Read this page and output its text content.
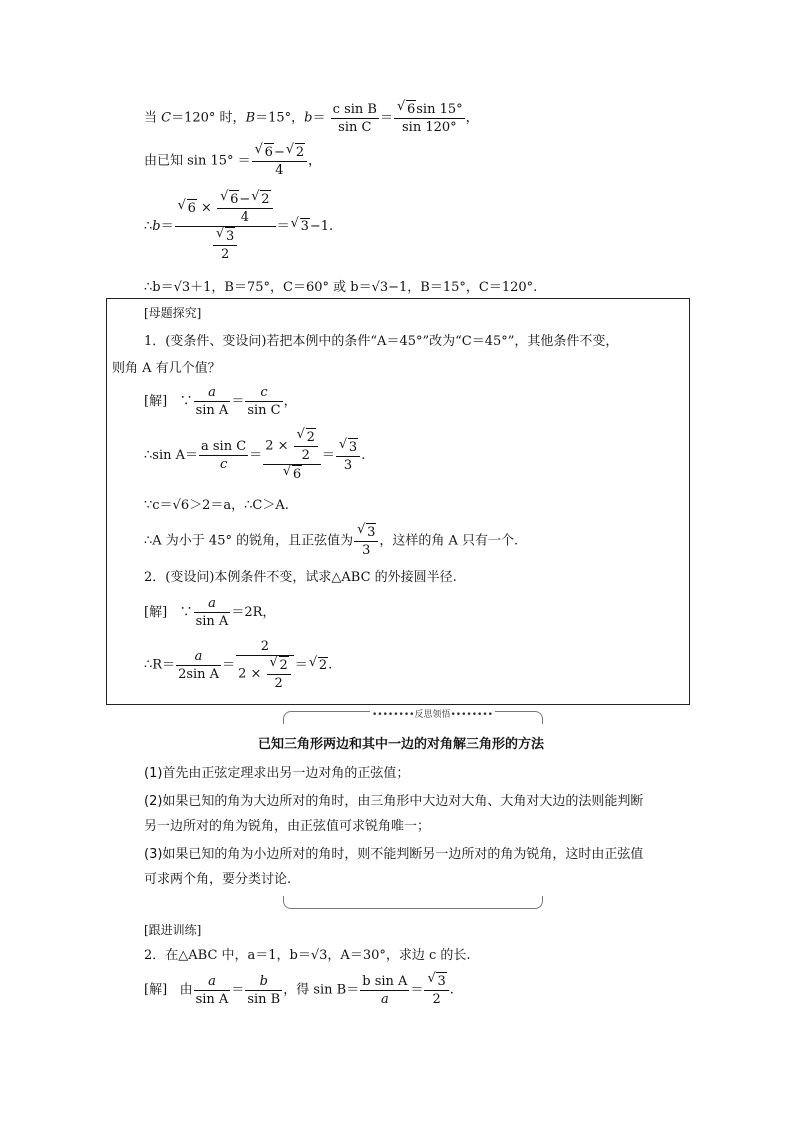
当 C＝120° 时，B＝15°，$b= \frac{\text{c sin B}}{\text{sin C}}$ ＝
√ $\frac{6\sin 15^\circ}{\sin 120^\circ}$ ，
由已知 sin 15° ＝
√ $\frac{6-√ 2}{4}$ ，
∴b＝
√ 6 ×
√ $\frac{6-√ 2}{4}$
√ $\frac{3}{2}$ ＝√ 3−1.
∴b＝√3＋1，B＝75°，C＝60° 或 b＝√3−1，B＝15°，C＝120°.
[母题探究]
1．(变条件、变设问)若把本例中的条件“A＝45°”改为“C＝45°”，其他条件不变，
则角 A 有几个值？
[解] ∵ $\frac{a}{\text{sin A}} = \frac{c}{\text{sin C}}$ ，
∴sin $A= \frac{\text{a sin C}}{c} = 2$ ×
√ $\frac{2}{2}$
√ 6 ＝
√ $\frac{3}{3}$ .
∵c＝√6＞2＝a，∴C＞A.
∴A 为小于 45° 的锐角，且正弦值为
√ $\frac{3}{3}$ ，这样的角 A 只有一个.
2．(变设问)本例条件不变，试求△ABC 的外接圆半径.
[解] ∵ $\frac{a}{\text{sin A}} =2R$，
∴R＝ $\frac{a}{\text{2sin A}} = 2$
2 ×
√ $\frac{2}{2}$ ＝√ 2.
••••••••反思领悟••••••••
已知三角形两边和其中一边的对角解三角形的方法
(1)首先由正弦定理求出另一边对角的正弦值；
(2)如果已知的角为大边所对的角时，由三角形中大边对大角、大角对大边的法则能判断
另一边所对的角为锐角，由正弦值可求锐角唯一；
(3)如果已知的角为小边所对的角时，则不能判断另一边所对的角为锐角，这时由正弦值
可求两个角，要分类讨论.
[跟进训练]
2．在△ABC 中，a＝1，b＝√3，A＝30°，求边 c 的长.
[解] 由 $\frac{a}{\text{sin A}} = \frac{b}{\text{sin B}}$ ，得 $\sin B= \frac{\text{b sin A}}{a}$ ＝
√ $\frac{3}{2}$ .
